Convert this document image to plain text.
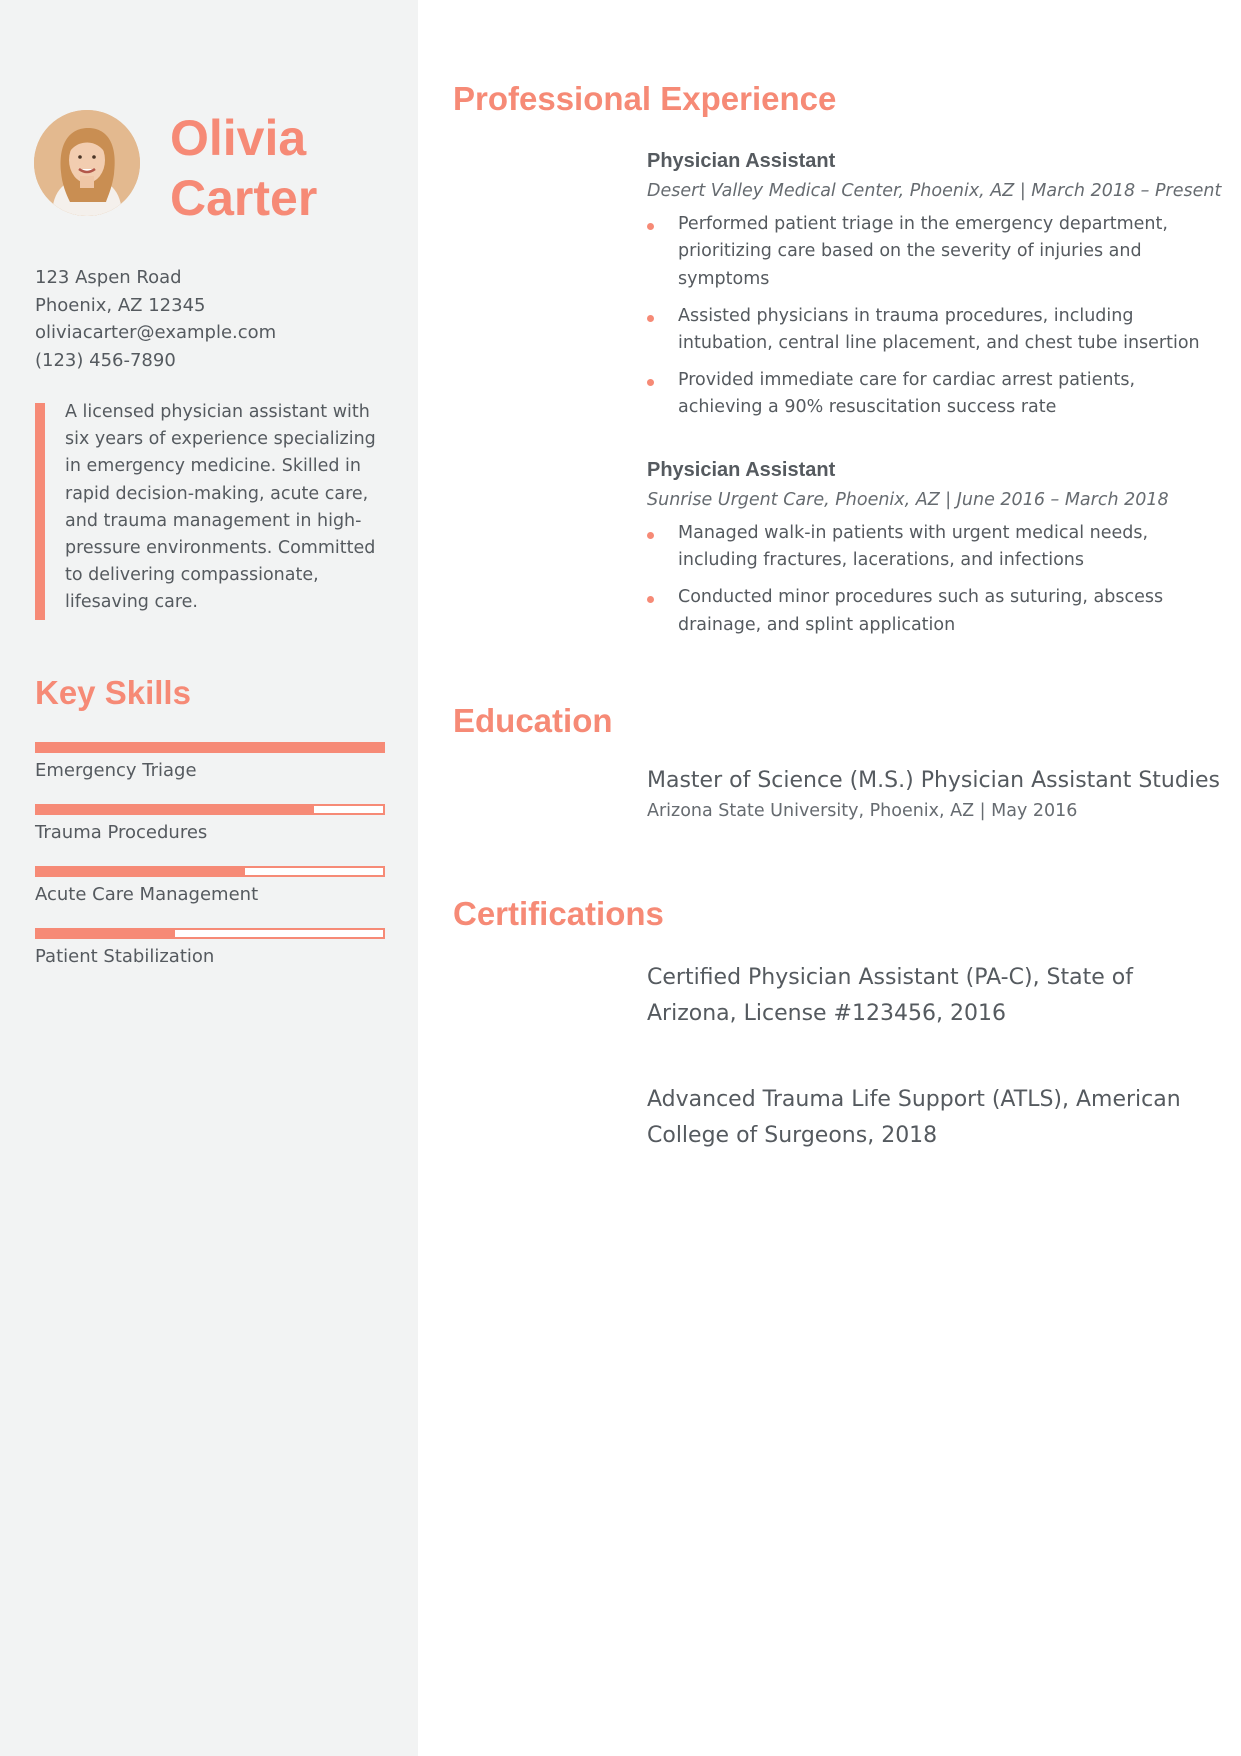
Olivia
Carter
123 Aspen Road
Phoenix, AZ 12345
oliviacarter@example.com
(123) 456-7890

A licensed physician assistant with six years of experience specializing in emergency medicine. Skilled in rapid decision-making, acute care, and trauma management in high-pressure environments. Committed to delivering compassionate, lifesaving care.

Key Skills
Emergency Triage
Trauma Procedures
Acute Care Management
Patient Stabilization
Professional Experience

Physician Assistant

Desert Valley Medical Center, Phoenix, AZ | March 2018 – Present

Performed patient triage in the emergency department, prioritizing care based on the severity of injuries and symptoms
Assisted physicians in trauma procedures, including intubation, central line placement, and chest tube insertion
Provided immediate care for cardiac arrest patients, achieving a 90% resuscitation success rate

Physician Assistant

Sunrise Urgent Care, Phoenix, AZ | June 2016 – March 2018

Managed walk-in patients with urgent medical needs, including fractures, lacerations, and infections
Conducted minor procedures such as suturing, abscess drainage, and splint application
Education

Master of Science (M.S.) Physician Assistant Studies

Arizona State University, Phoenix, AZ | May 2016

Certifications
Certified Physician Assistant (PA-C), State of Arizona, License #123456, 2016
Advanced Trauma Life Support (ATLS), American College of Surgeons, 2018
